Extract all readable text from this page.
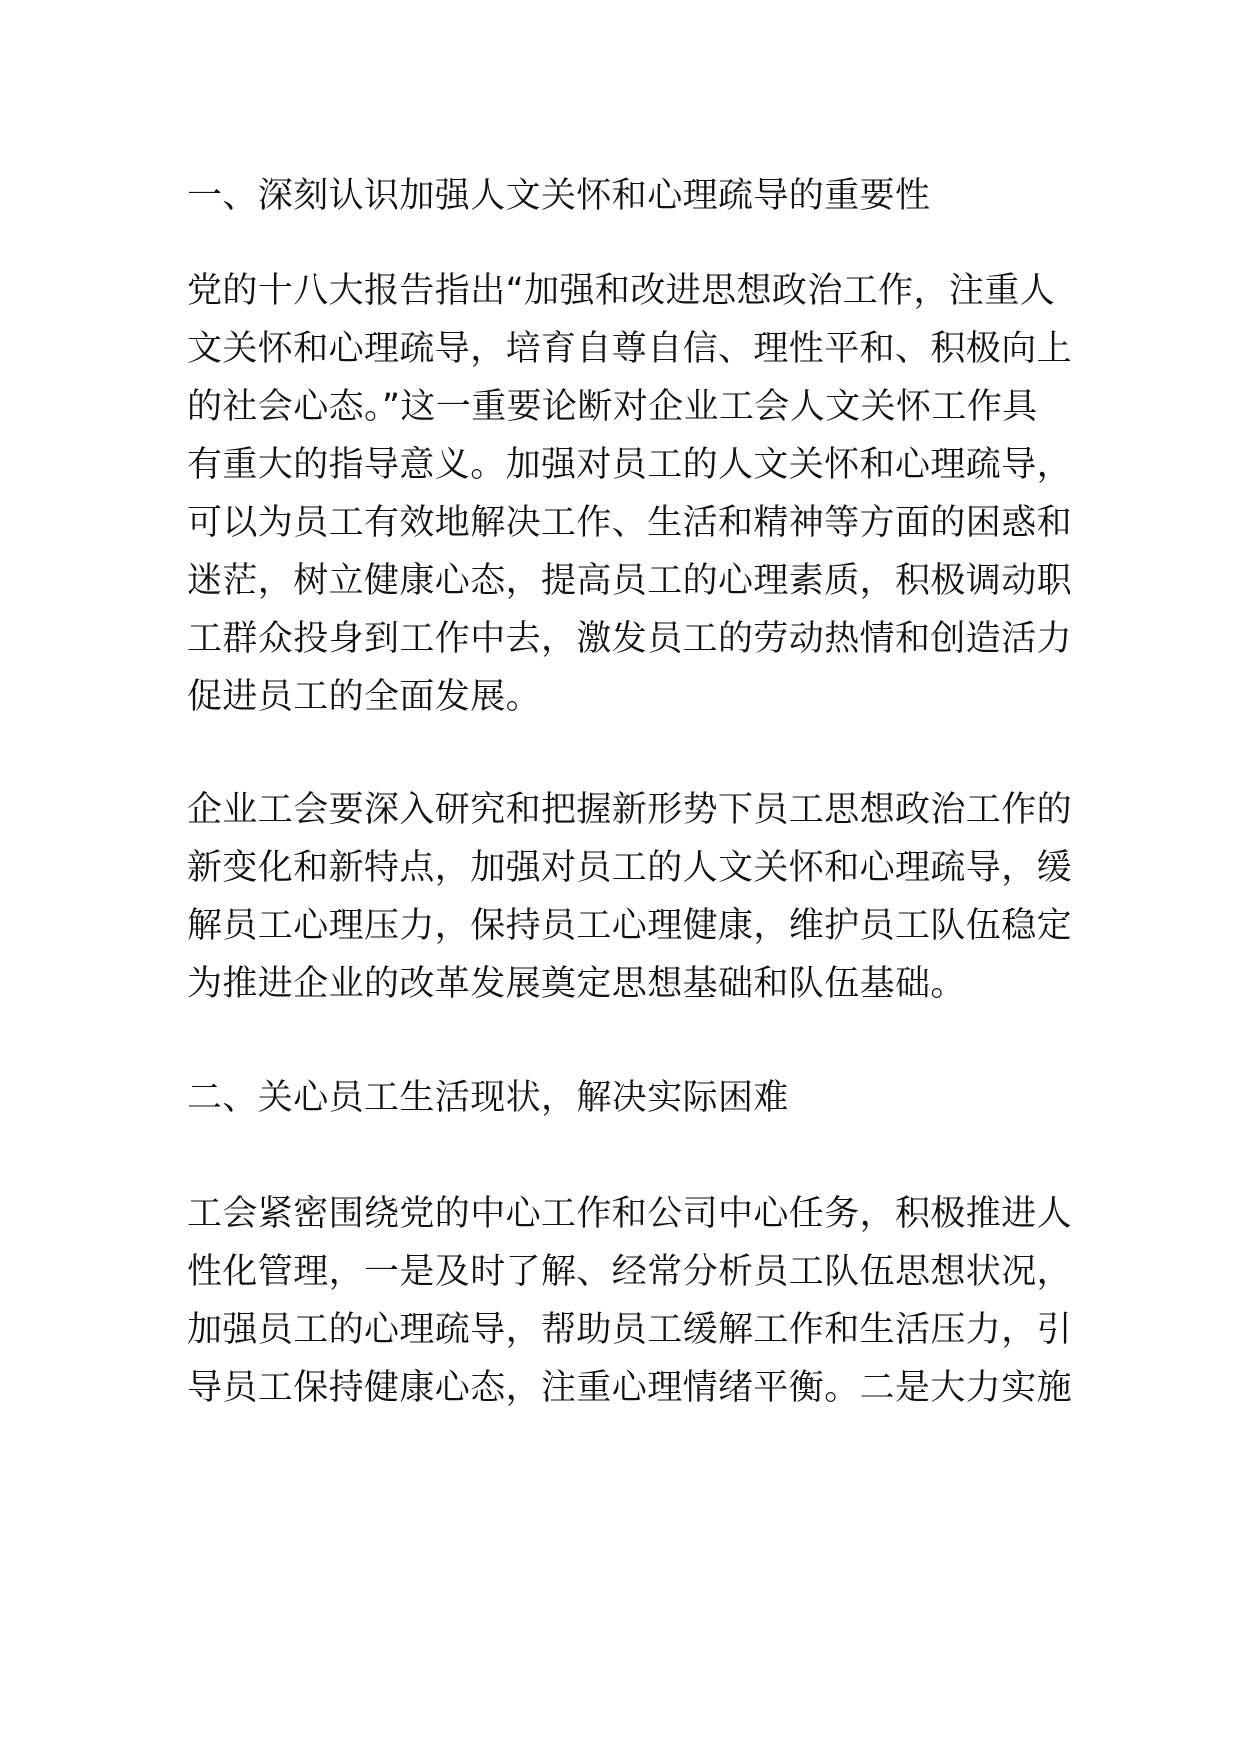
一、深刻认识加强人文关怀和心理疏导的重要性

党的十八大报告指出“加强和改进思想政治工作，注重人

文关怀和心理疏导，培育自尊自信、理性平和、积极向上

的社会心态。”这一重要论断对企业工会人文关怀工作具

有重大的指导意义。加强对员工的人文关怀和心理疏导，

可以为员工有效地解决工作、生活和精神等方面的困惑和

迷茫，树立健康心态，提高员工的心理素质，积极调动职

工群众投身到工作中去，激发员工的劳动热情和创造活力

促进员工的全面发展。

企业工会要深入研究和把握新形势下员工思想政治工作的

新变化和新特点，加强对员工的人文关怀和心理疏导，缓

解员工心理压力，保持员工心理健康，维护员工队伍稳定

为推进企业的改革发展奠定思想基础和队伍基础。

二、关心员工生活现状，解决实际困难

工会紧密围绕党的中心工作和公司中心任务，积极推进人

性化管理，一是及时了解、经常分析员工队伍思想状况，

加强员工的心理疏导，帮助员工缓解工作和生活压力，引

导员工保持健康心态，注重心理情绪平衡。二是大力实施
